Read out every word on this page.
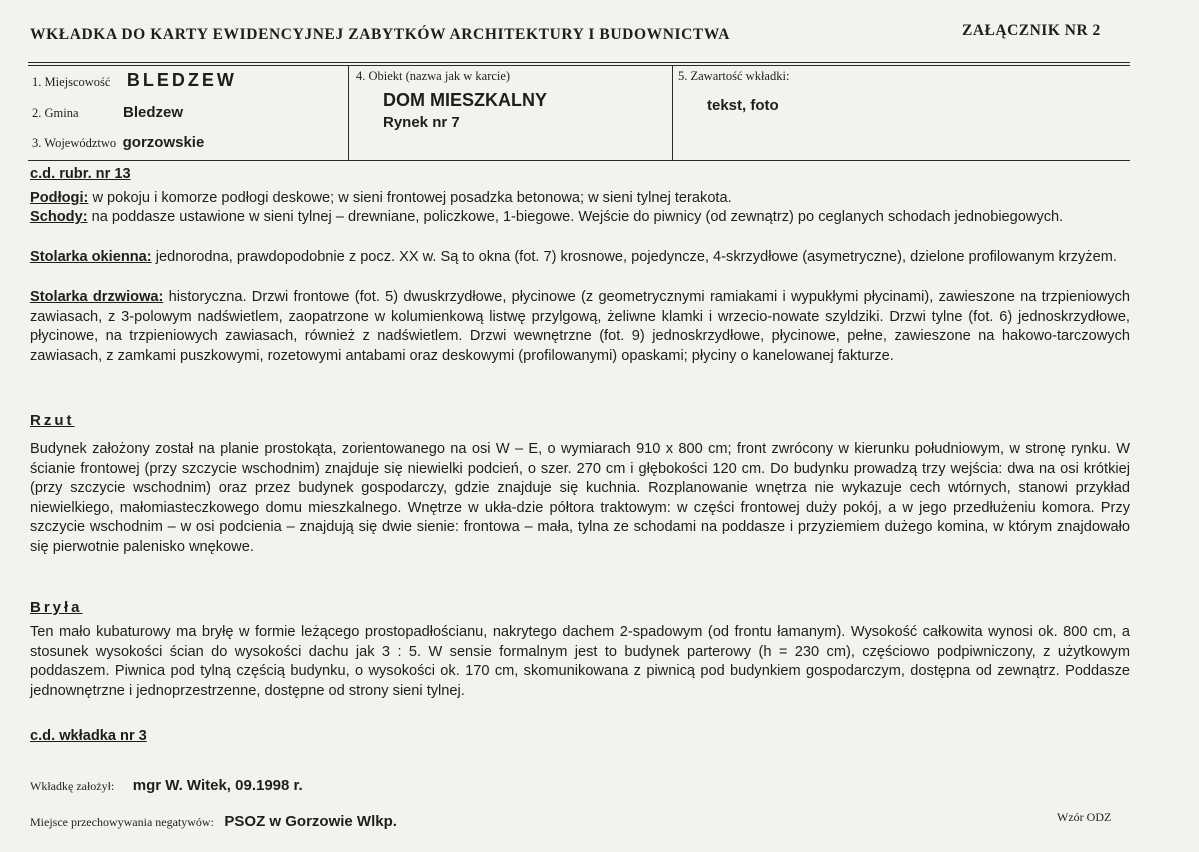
WKŁADKA DO KARTY EWIDENCYJNEJ ZABYTKÓW ARCHITEKTURY I BUDOWNICTWA	ZAŁĄCZNIK NR 2
1. Miejscowość BLEDZEW
2. Gmina	Bledzew
3. Województwo gorzowskie
4. Obiekt (nazwa jak w karcie)
DOM MIESZKALNY
Rynek nr 7
5. Zawartość wkładki:
tekst, foto
c.d. rubr. nr 13
Podłogi: w pokoju i komorze podłogi deskowe; w sieni frontowej posadzka betonowa; w sieni tylnej terakota.
Schody: na poddasze ustawione w sieni tylnej – drewniane, policzkowe, 1-biegowe. Wejście do piwnicy (od zewnątrz) po ceglanych schodach jednobiegowych.
Stolarka okienna: jednorodna, prawdopodobnie z pocz. XX w. Są to okna (fot. 7) krosnowe, pojedyncze, 4-skrzydłowe (asymetryczne), dzielone profilowanym krzyżem.
Stolarka drzwiowa: historyczna. Drzwi frontowe (fot. 5) dwuskrzydłowe, płycinowe (z geometrycznymi ramiakami i wypukłymi płycinami), zawieszone na trzpieniowych zawiasach, z 3-polowym nadświetlem, zaopatrzone w kolumienkową listwę przylgową, żeliwne klamki i wrzecio-nowate szyldziki. Drzwi tylne (fot. 6) jednoskrzydłowe, płycinowe, na trzpieniowych zawiasach, również z nadświetlem. Drzwi wewnętrzne (fot. 9) jednoskrzydłowe, płycinowe, pełne, zawieszone na hakowo-tarczowych zawiasach, z zamkami puszkowymi, rozetowymi antabami oraz deskowymi (profilowanymi) opaskami; płyciny o kanelowanej fakturze.
Rzut
Budynek założony został na planie prostokąta, zorientowanego na osi W – E, o wymiarach 910 x 800 cm; front zwrócony w kierunku południowym, w stronę rynku. W ścianie frontowej (przy szczycie wschodnim) znajduje się niewielki podcień, o szer. 270 cm i głębokości 120 cm. Do budynku prowadzą trzy wejścia: dwa na osi krótkiej (przy szczycie wschodnim) oraz przez budynek gospodarczy, gdzie znajduje się kuchnia. Rozplanowanie wnętrza nie wykazuje cech wtórnych, stanowi przykład niewielkiego, małomiasteczkowego domu mieszkalnego. Wnętrze w ukła-dzie półtora traktowym: w części frontowej duży pokój, a w jego przedłużeniu komora. Przy szczycie wschodnim – w osi podcienia – znajdują się dwie sienie: frontowa – mała, tylna ze schodami na poddasze i przyziemiem dużego komina, w którym znajdowało się pierwotnie palenisko wnękowe.
Bryła
Ten mało kubaturowy ma bryłę w formie leżącego prostopadłościanu, nakrytego dachem 2-spadowym (od frontu łamanym). Wysokość całkowita wynosi ok. 800 cm, a stosunek wysokości ścian do wysokości dachu jak 3 : 5. W sensie formalnym jest to budynek parterowy (h = 230 cm), częściowo podpiwniczony, z użytkowym poddaszem. Piwnica pod tylną częścią budynku, o wysokości ok. 170 cm, skomunikowana z piwnicą pod budynkiem gospodarczym, dostępna od zewnątrz. Poddasze jednownętrzne i jednoprzestrzenne, dostępne od strony sieni tylnej.
c.d. wkładka nr 3
Wkładkę założył: mgr W. Witek, 09.1998 r.
Miejsce przechowywania negatywów: PSOZ w Gorzowie Wlkp.	Wzór ODZ
